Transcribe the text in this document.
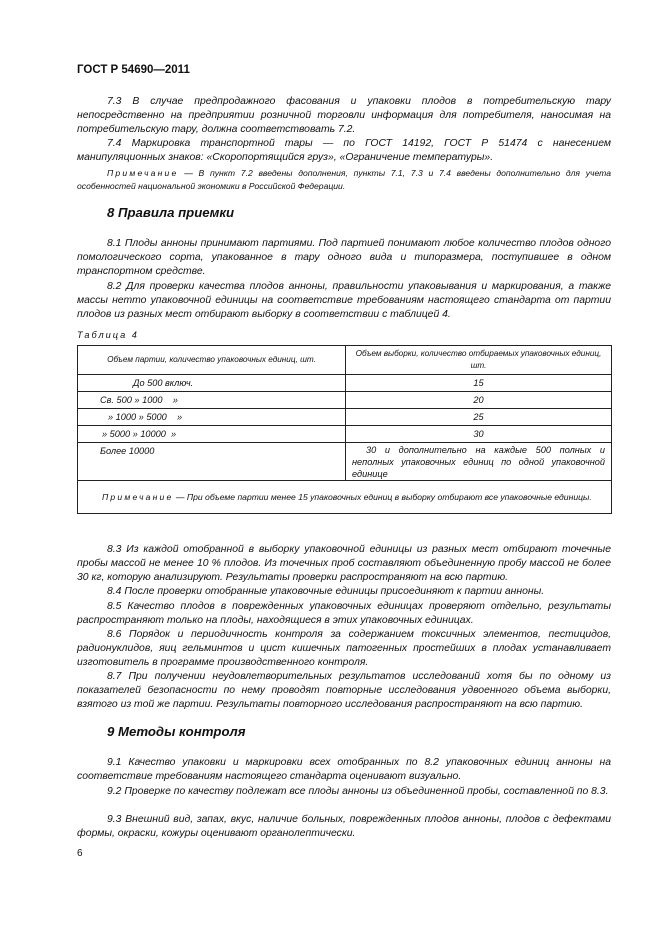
ГОСТ Р 54690—2011
7.3 В случае предпродажного фасования и упаковки плодов в потребительскую тару непосредственно на предприятии розничной торговли информация для потребителя, наносимая на потребительскую тару, должна соответствовать 7.2.
7.4 Маркировка транспортной тары — по ГОСТ 14192, ГОСТ Р 51474 с нанесением манипуляционных знаков: «Скоропортящийся груз», «Ограничение температуры».
Примечание — В пункт 7.2 введены дополнения, пункты 7.1, 7.3 и 7.4 введены дополнительно для учета особенностей национальной экономики в Российской Федерации.
8 Правила приемки
8.1 Плоды анноны принимают партиями. Под партией понимают любое количество плодов одного помологического сорта, упакованное в тару одного вида и типоразмера, поступившее в одном транспортном средстве.
8.2 Для проверки качества плодов анноны, правильности упаковывания и маркирования, а также массы нетто упаковочной единицы на соответствие требованиям настоящего стандарта от партии плодов из разных мест отбирают выборку в соответствии с таблицей 4.
Таблица 4
Объем партии, количество упаковочных единиц, шт.	Объем выборки, количество отбираемых упаковочных единиц, шт.
До 500 включ.	15
Св. 500 » 1000    »	20
» 1000 » 5000    »	25
» 5000 » 10000  »	30
Более 10000	30 и дополнительно на каждые 500 полных и неполных упаковочных единиц по одной упаковочной единице
Примечание — При объеме партии менее 15 упаковочных единиц в выборку отбирают все упаковочные единицы.	
8.3 Из каждой отобранной в выборку упаковочной единицы из разных мест отбирают точечные пробы массой не менее 10 % плодов. Из точечных проб составляют объединенную пробу массой не более 30 кг, которую анализируют. Результаты проверки распространяют на всю партию.
8.4 После проверки отобранные упаковочные единицы присоединяют к партии анноны.
8.5 Качество плодов в поврежденных упаковочных единицах проверяют отдельно, результаты распространяют только на плоды, находящиеся в этих упаковочных единицах.
8.6 Порядок и периодичность контроля за содержанием токсичных элементов, пестицидов, радионуклидов, яиц гельминтов и цист кишечных патогенных простейших в плодах устанавливает изготовитель в программе производственного контроля.
8.7 При получении неудовлетворительных результатов исследований хотя бы по одному из показателей безопасности по нему проводят повторные исследования удвоенного объема выборки, взятого из той же партии. Результаты повторного исследования распространяют на всю партию.
9 Методы контроля
9.1 Качество упаковки и маркировки всех отобранных по 8.2 упаковочных единиц анноны на соответствие требованиям настоящего стандарта оценивают визуально.
9.2 Проверке по качеству подлежат все плоды анноны из объединенной пробы, составленной по 8.3.
9.3 Внешний вид, запах, вкус, наличие больных, поврежденных плодов анноны, плодов с дефектами формы, окраски, кожуры оценивают органолептически.
6
